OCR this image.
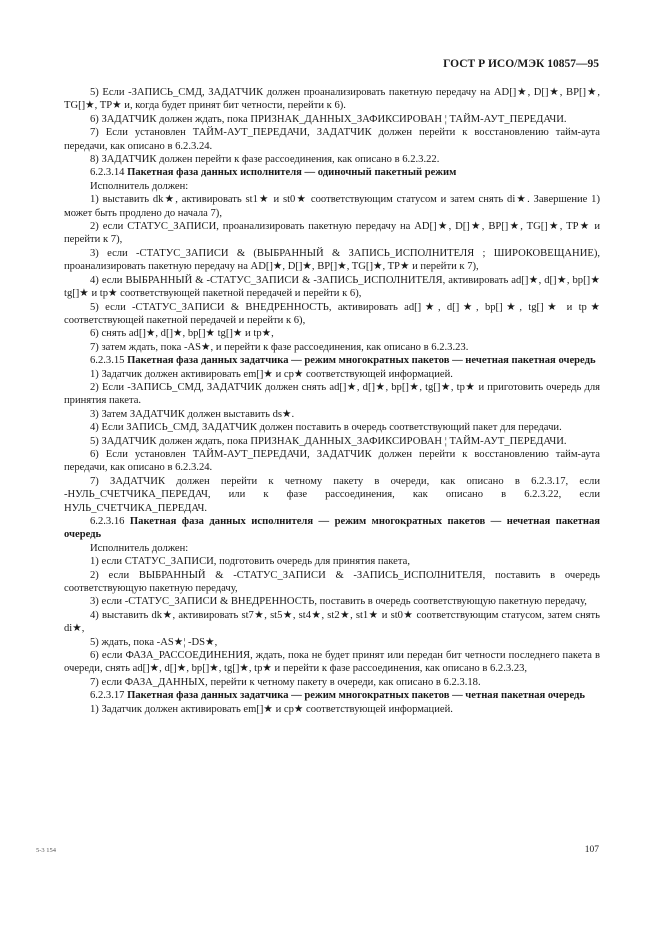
ГОСТ Р ИСО/МЭК 10857—95

5) Если -ЗАПИСЬ_СМД, ЗАДАТЧИК должен проанализировать пакетную передачу на AD[]★, D[]★, BP[]★, TG[]★, TP★ и, когда будет принят бит четности, перейти к 6).

6) ЗАДАТЧИК должен ждать, пока ПРИЗНАК_ДАННЫХ_ЗАФИКСИРОВАН ¦ ТАЙМ-АУТ_ПЕРЕДАЧИ.

7) Если установлен ТАЙМ-АУТ_ПЕРЕДАЧИ, ЗАДАТЧИК должен перейти к восстановлению тайм-аута передачи, как описано в 6.2.3.24.

8) ЗАДАТЧИК должен перейти к фазе рассоединения, как описано в 6.2.3.22.

6.2.3.14 Пакетная фаза данных исполнителя — одиночный пакетный режим

Исполнитель должен:

1) выставить dk★, активировать st1★ и st0★ соответствующим статусом и затем снять di★. Завершение 1) может быть продлено до начала 7),

2) если СТАТУС_ЗАПИСИ, проанализировать пакетную передачу на AD[]★, D[]★, BP[]★, TG[]★, TP★ и перейти к 7),

3) если -СТАТУС_ЗАПИСИ & (ВЫБРАННЫЙ & ЗАПИСЬ_ИСПОЛНИТЕЛЯ ; ШИРОКОВЕЩАНИЕ), проанализировать пакетную передачу на AD[]★, D[]★, BP[]★, TG[]★, TP★ и перейти к 7),

4) если ВЫБРАННЫЙ & -СТАТУС_ЗАПИСИ & -ЗАПИСЬ_ИСПОЛНИТЕЛЯ, активировать ad[]★, d[]★, bp[]★ tg[]★ и tp★ соответствующей пакетной передачей и перейти к 6),

5) если -СТАТУС_ЗАПИСИ & ВНЕДРЕННОСТЬ, активировать ad[]★, d[]★, bp[]★, tg[]★ и tp★ соответствующей пакетной передачей и перейти к 6),

6) снять ad[]★, d[]★, bp[]★ tg[]★ и tp★,

7) затем ждать, пока -AS★, и перейти к фазе рассоединения, как описано в 6.2.3.23.

6.2.3.15 Пакетная фаза данных задатчика — режим многократных пакетов — нечетная пакетная очередь

1) Задатчик должен активировать em[]★ и cp★ соответствующей информацией.

2) Если -ЗАПИСЬ_СМД, ЗАДАТЧИК должен снять ad[]★, d[]★, bp[]★, tg[]★, tp★ и приготовить очередь для принятия пакета.

3) Затем ЗАДАТЧИК должен выставить ds★.

4) Если ЗАПИСЬ_СМД, ЗАДАТЧИК должен поставить в очередь соответствующий пакет для передачи.

5) ЗАДАТЧИК должен ждать, пока ПРИЗНАК_ДАННЫХ_ЗАФИКСИРОВАН ¦ ТАЙМ-АУТ_ПЕРЕДАЧИ.

6) Если установлен ТАЙМ-АУТ_ПЕРЕДАЧИ, ЗАДАТЧИК должен перейти к восстановлению тайм-аута передачи, как описано в 6.2.3.24.

7) ЗАДАТЧИК должен перейти к четному пакету в очереди, как описано в 6.2.3.17, если -НУЛЬ_СЧЕТЧИКА_ПЕРЕДАЧ, или к фазе рассоединения, как описано в 6.2.3.22, если НУЛЬ_СЧЕТЧИКА_ПЕРЕДАЧ.

6.2.3.16 Пакетная фаза данных исполнителя — режим многократных пакетов — нечетная пакетная очередь

Исполнитель должен:

1) если СТАТУС_ЗАПИСИ, подготовить очередь для принятия пакета,

2) если ВЫБРАННЫЙ & -СТАТУС_ЗАПИСИ & -ЗАПИСЬ_ИСПОЛНИТЕЛЯ, поставить в очередь соответствующую пакетную передачу,

3) если -СТАТУС_ЗАПИСИ & ВНЕДРЕННОСТЬ, поставить в очередь соответствующую пакетную передачу,

4) выставить dk★, активировать st7★, st5★, st4★, st2★, st1★ и st0★ соответствующим статусом, затем снять di★,

5) ждать, пока -AS★¦ -DS★,

6) если ФАЗА_РАССОЕДИНЕНИЯ, ждать, пока не будет принят или передан бит четности последнего пакета в очереди, снять ad[]★, d[]★, bp[]★, tg[]★, tp★ и перейти к фазе рассоединения, как описано в 6.2.3.23,

7) если ФАЗА_ДАННЫХ, перейти к четному пакету в очереди, как описано в 6.2.3.18.

6.2.3.17 Пакетная фаза данных задатчика — режим многократных пакетов — четная пакетная очередь

1) Задатчик должен активировать em[]★ и cp★ соответствующей информацией.

5-3 154	107
